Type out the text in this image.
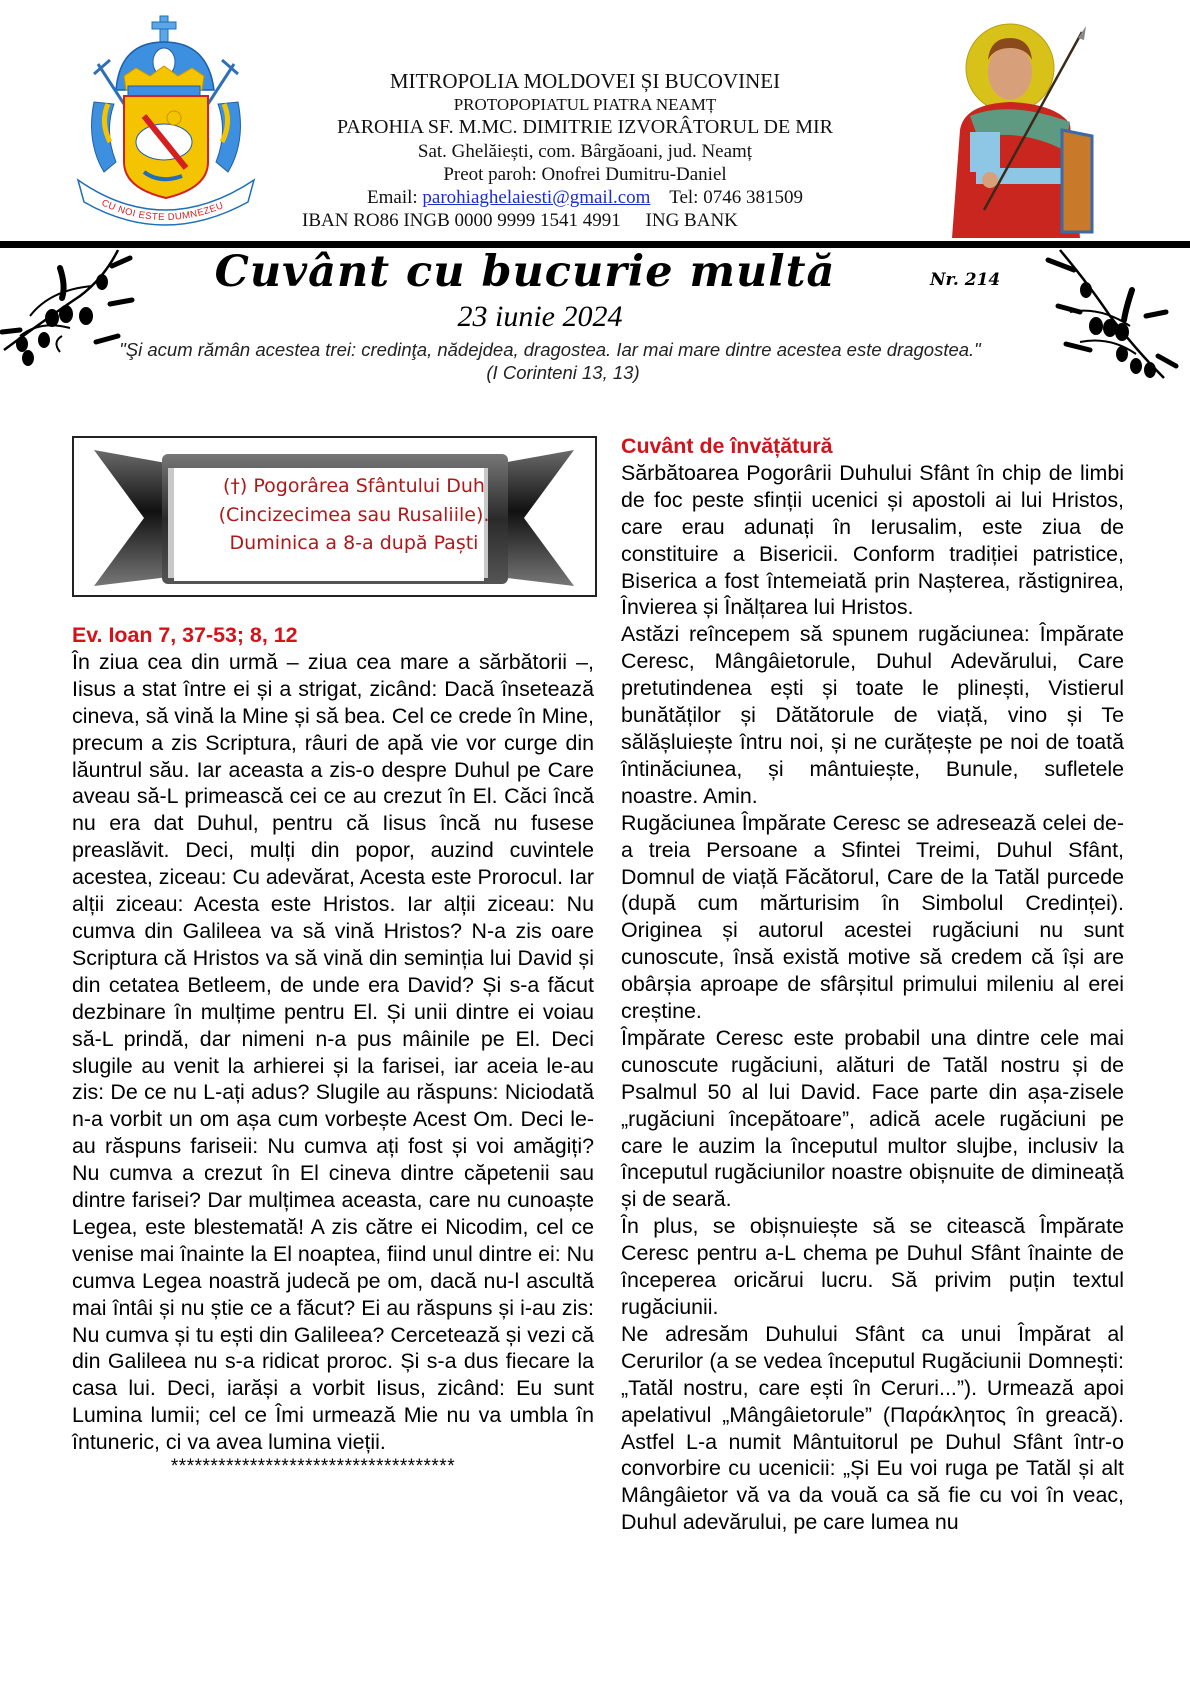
CU NOI ESTE DUMNEZEU
MITROPOLIA MOLDOVEI ȘI BUCOVINEI
PROTOPOPIATUL PIATRA NEAMȚ
PAROHIA SF. M.MC. DIMITRIE IZVORÂTORUL DE MIR
Sat. Ghelăiești, com. Bârgăoani, jud. Neamț
Preot paroh: Onofrei Dumitru-Daniel
Email: parohiaghelaiesti@gmail.com Tel: 0746 381509
IBAN RO86 INGB 0000 9999 1541 4991 ING BANK
Cuvânt cu bucurie multă	Nr. 214
23 iunie 2024
"Şi acum rămân acestea trei: credinţa, nădejdea, dragostea. Iar mai mare dintre acestea este dragostea." (I Corinteni 13, 13)
(†) Pogorârea Sfântului Duh
(Cincizecimea sau Rusaliile).
Duminica a 8-a după Paști
Ev. Ioan 7, 37-53; 8, 12

În ziua cea din urmă – ziua cea mare a sărbătorii –, Iisus a stat între ei și a strigat, zicând: Dacă însetează cineva, să vină la Mine și să bea. Cel ce crede în Mine, precum a zis Scriptura, râuri de apă vie vor curge din lăuntrul său. Iar aceasta a zis-o despre Duhul pe Care aveau să-L primească cei ce au crezut în El. Căci încă nu era dat Duhul, pentru că Iisus încă nu fusese preaslăvit. Deci, mulți din popor, auzind cuvintele acestea, ziceau: Cu adevărat, Acesta este Prorocul. Iar alții ziceau: Acesta este Hristos. Iar alții ziceau: Nu cumva din Galileea va să vină Hristos? N-a zis oare Scriptura că Hristos va să vină din seminția lui David și din cetatea Betleem, de unde era David? Și s-a făcut dezbinare în mulțime pentru El. Și unii dintre ei voiau să-L prindă, dar nimeni n-a pus mâinile pe El. Deci slugile au venit la arhierei și la farisei, iar aceia le-au zis: De ce nu L-ați adus? Slugile au răspuns: Niciodată n-a vorbit un om așa cum vorbește Acest Om. Deci le-au răspuns fariseii: Nu cumva ați fost și voi amăgiți? Nu cumva a crezut în El cineva dintre căpetenii sau dintre farisei? Dar mulțimea aceasta, care nu cunoaște Legea, este blestemată! A zis către ei Nicodim, cel ce venise mai înainte la El noaptea, fiind unul dintre ei: Nu cumva Legea noastră judecă pe om, dacă nu-l ascultă mai întâi și nu știe ce a făcut? Ei au răspuns și i-au zis: Nu cumva și tu ești din Galileea? Cercetează și vezi că din Galileea nu s-a ridicat proroc. Și s-a dus fiecare la casa lui. Deci, iarăși a vorbit Iisus, zicând: Eu sunt Lumina lumii; cel ce Îmi urmează Mie nu va umbla în întuneric, ci va avea lumina vieții.

************************************
Cuvânt de învățătură

Sărbătoarea Pogorârii Duhului Sfânt în chip de limbi de foc peste sfinții ucenici și apostoli ai lui Hristos, care erau adunați în Ierusalim, este ziua de constituire a Bisericii. Conform tradiției patristice, Biserica a fost întemeiată prin Nașterea, răstignirea, Învierea și Înălțarea lui Hristos.

Astăzi reîncepem să spunem rugăciunea: Împărate Ceresc, Mângâietorule, Duhul Adevărului, Care pretutindenea ești și toate le plinești, Vistierul bunătăților și Dătătorule de viață, vino și Te sălășluiește întru noi, și ne curățește pe noi de toată întinăciunea, și mântuiește, Bunule, sufletele noastre. Amin.

Rugăciunea Împărate Ceresc se adresează celei de-a treia Persoane a Sfintei Treimi, Duhul Sfânt, Domnul de viață Făcătorul, Care de la Tatăl purcede (după cum mărturisim în Simbolul Credinței). Originea și autorul acestei rugăciuni nu sunt cunoscute, însă există motive să credem că își are obârșia aproape de sfârșitul primului mileniu al erei creștine.

Împărate Ceresc este probabil una dintre cele mai cunoscute rugăciuni, alături de Tatăl nostru și de Psalmul 50 al lui David. Face parte din așa-zisele „rugăciuni începătoare”, adică acele rugăciuni pe care le auzim la începutul multor slujbe, inclusiv la începutul rugăciunilor noastre obișnuite de dimineață și de seară.

În plus, se obișnuiește să se citească Împărate Ceresc pentru a-L chema pe Duhul Sfânt înainte de începerea oricărui lucru. Să privim puțin textul rugăciunii.

Ne adresăm Duhului Sfânt ca unui Împărat al Cerurilor (a se vedea începutul Rugăciunii Domnești: „Tatăl nostru, care ești în Ceruri...”). Urmează apoi apelativul „Mângâietorule” (Παράκλητος în greacă). Astfel L-a numit Mântuitorul pe Duhul Sfânt într-o convorbire cu ucenicii: „Și Eu voi ruga pe Tatăl și alt Mângâietor vă va da vouă ca să fie cu voi în veac, Duhul adevărului, pe care lumea nu
